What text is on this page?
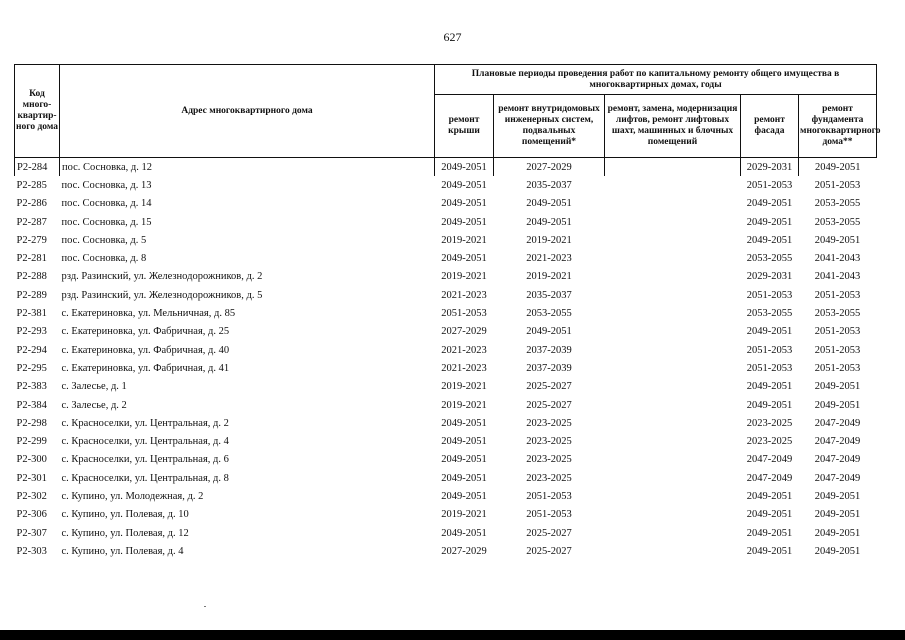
627
Код много-квартир-ного дома	Адрес многоквартирного дома	Плановые периоды проведения работ по капитальному ремонту общего имущества в многоквартирных домах, годы				
		ремонт крыши	ремонт внутридомовых инженерных систем, подвальных помещений*	ремонт, замена, модернизация лифтов, ремонт лифтовых шахт, машинных и блочных помещений	ремонт фасада	ремонт фундамента многоквартирного дома**
Р2-284	пос. Сосновка, д. 12	2049-2051	2027-2029		2029-2031	2049-2051
Р2-285	пос. Сосновка, д. 13	2049-2051	2035-2037		2051-2053	2051-2053
Р2-286	пос. Сосновка, д. 14	2049-2051	2049-2051		2049-2051	2053-2055
Р2-287	пос. Сосновка, д. 15	2049-2051	2049-2051		2049-2051	2053-2055
Р2-279	пос. Сосновка, д. 5	2019-2021	2019-2021		2049-2051	2049-2051
Р2-281	пос. Сосновка, д. 8	2049-2051	2021-2023		2053-2055	2041-2043
Р2-288	рзд. Разинский, ул. Железнодорожников, д. 2	2019-2021	2019-2021		2029-2031	2041-2043
Р2-289	рзд. Разинский, ул. Железнодорожников, д. 5	2021-2023	2035-2037		2051-2053	2051-2053
Р2-381	с. Екатериновка, ул. Мельничная, д. 85	2051-2053	2053-2055		2053-2055	2053-2055
Р2-293	с. Екатериновка, ул. Фабричная, д. 25	2027-2029	2049-2051		2049-2051	2051-2053
Р2-294	с. Екатериновка, ул. Фабричная, д. 40	2021-2023	2037-2039		2051-2053	2051-2053
Р2-295	с. Екатериновка, ул. Фабричная, д. 41	2021-2023	2037-2039		2051-2053	2051-2053
Р2-383	с. Залесье, д. 1	2019-2021	2025-2027		2049-2051	2049-2051
Р2-384	с. Залесье, д. 2	2019-2021	2025-2027		2049-2051	2049-2051
Р2-298	с. Красноселки, ул. Центральная, д. 2	2049-2051	2023-2025		2023-2025	2047-2049
Р2-299	с. Красноселки, ул. Центральная, д. 4	2049-2051	2023-2025		2023-2025	2047-2049
Р2-300	с. Красноселки, ул. Центральная, д. 6	2049-2051	2023-2025		2047-2049	2047-2049
Р2-301	с. Красноселки, ул. Центральная, д. 8	2049-2051	2023-2025		2047-2049	2047-2049
Р2-302	с. Купино, ул. Молодежная, д. 2	2049-2051	2051-2053		2049-2051	2049-2051
Р2-306	с. Купино, ул. Полевая, д. 10	2019-2021	2051-2053		2049-2051	2049-2051
Р2-307	с. Купино, ул. Полевая, д. 12	2049-2051	2025-2027		2049-2051	2049-2051
Р2-303	с. Купино, ул. Полевая, д. 4	2027-2029	2025-2027		2049-2051	2049-2051
